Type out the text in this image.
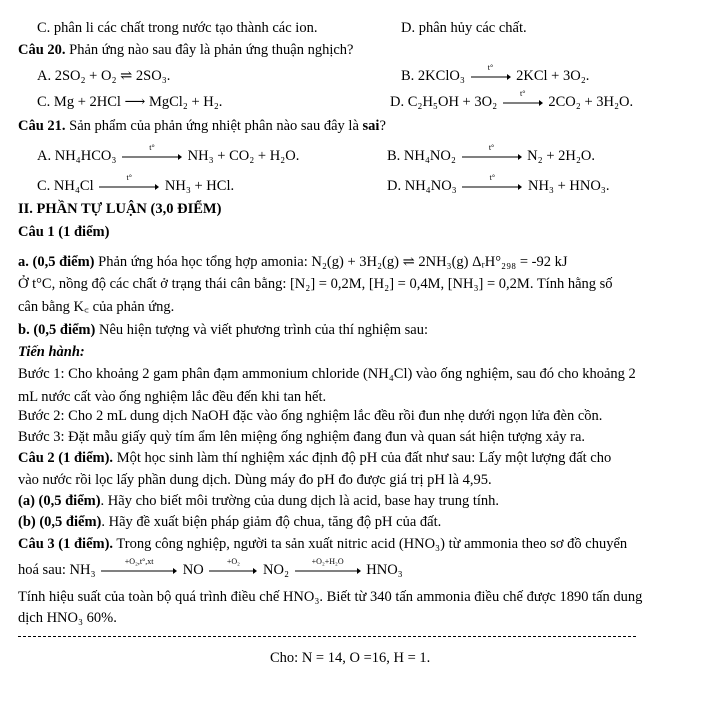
C. phân li các chất trong nước tạo thành các ion.	D. phân hủy các chất.
Câu 20. Phản ứng nào sau đây là phản ứng thuận nghịch?
A. 2SO₂ + O₂ ⇌ 2SO₃.	B. 2KClO₃
t°
2KCl + 3O₂.
C. Mg + 2HCl ⟶ MgCl₂ + H₂.	D. C₂H₅OH + 3O₂
t°
2CO₂ + 3H₂O.
Câu 21. Sản phẩm của phản ứng nhiệt phân nào sau đây là sai?
A. NH₄HCO₃
t°
NH₃ + CO₂ + H₂O.	B. NH₄NO₂
t°
N₂ + 2H₂O.
C. NH₄Cl
t°
NH₃ + HCl.	D. NH₄NO₃
t°
NH₃ + HNO₃.
II. PHẦN TỰ LUẬN (3,0 ĐIỂM)
Câu 1 (1 điểm)
a. (0,5 điểm) Phản ứng hóa học tổng hợp amonia: N₂(g) + 3H₂(g) ⇌ 2NH₃(g) ΔᵣH°₂₉₈ = -92 kJ
Ở t°C, nồng độ các chất ở trạng thái cân bằng: [N₂] = 0,2M, [H₂] = 0,4M, [NH₃] = 0,2M. Tính hằng số
cân bằng K꜀ của phản ứng.
b. (0,5 điểm) Nêu hiện tượng và viết phương trình của thí nghiệm sau:
Tiến hành:
Bước 1: Cho khoảng 2 gam phân đạm ammonium chloride (NH₄Cl) vào ống nghiệm, sau đó cho khoảng 2
mL nước cất vào ống nghiệm lắc đều đến khi tan hết.
Bước 2: Cho 2 mL dung dịch NaOH đặc vào ống nghiệm lắc đều rồi đun nhẹ dưới ngọn lửa đèn cồn.
Bước 3: Đặt mẫu giấy quỳ tím ẩm lên miệng ống nghiệm đang đun và quan sát hiện tượng xảy ra.
Câu 2 (1 điểm). Một học sinh làm thí nghiệm xác định độ pH của đất như sau: Lấy một lượng đất cho
vào nước rồi lọc lấy phần dung dịch. Dùng máy đo pH đo được giá trị pH là 4,95.
(a) (0,5 điểm). Hãy cho biết môi trường của dung dịch là acid, base hay trung tính.
(b) (0,5 điểm). Hãy đề xuất biện pháp giảm độ chua, tăng độ pH của đất.
Câu 3 (1 điểm). Trong công nghiệp, người ta sản xuất nitric acid (HNO₃) từ ammonia theo sơ đồ chuyển
hoá sau: NH₃
+O₂,t°,xt
NO
+O₂
NO₂
+O₂+H₂O
HNO₃
Tính hiệu suất của toàn bộ quá trình điều chế HNO₃. Biết từ 340 tấn ammonia điều chế được 1890 tấn dung
dịch HNO₃ 60%.
Cho: N = 14, O =16, H = 1.
